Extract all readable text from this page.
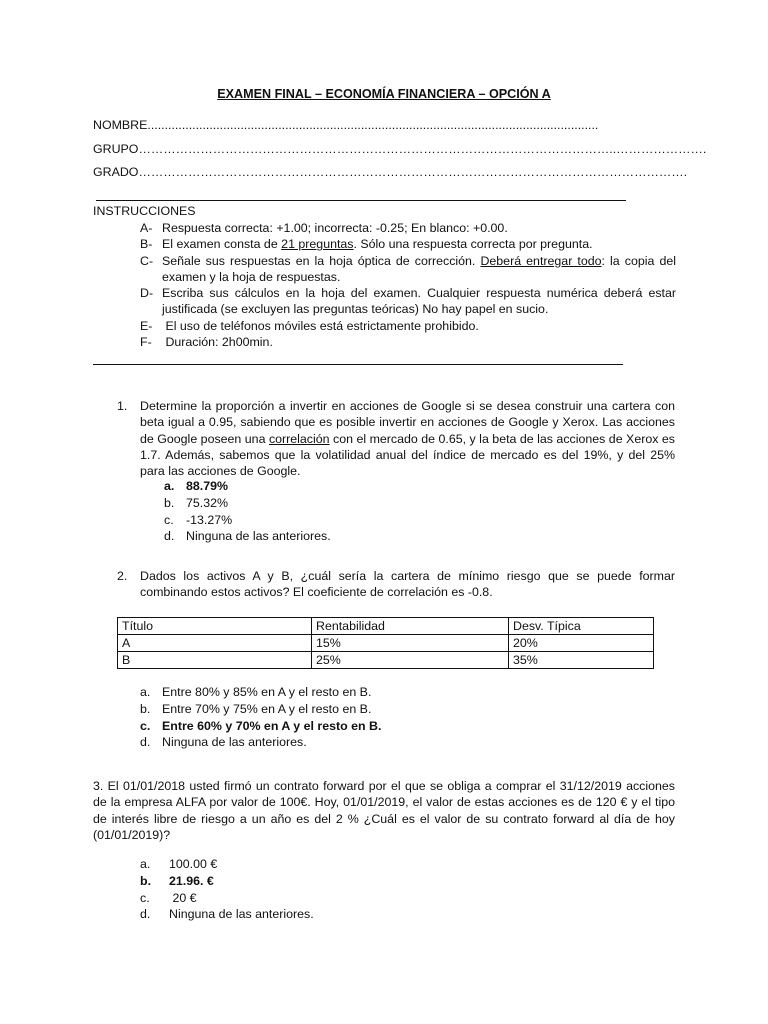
EXAMEN FINAL – ECONOMÍA FINANCIERA – OPCIÓN A
NOMBRE...................................................................................................................................
GRUPO……………………………………………………………………………………………………..………………….
GRADO…………………………………………………………………………………………………………………….
INSTRUCCIONES
A- Respuesta correcta: +1.00; incorrecta: -0.25; En blanco: +0.00.
B- El examen consta de 21 preguntas. Sólo una respuesta correcta por pregunta.
C- Señale sus respuestas en la hoja óptica de corrección. Deberá entregar todo: la copia del examen y la hoja de respuestas.
D- Escriba sus cálculos en la hoja del examen. Cualquier respuesta numérica deberá estar justificada (se excluyen las preguntas teóricas) No hay papel en sucio.
E- El uso de teléfonos móviles está estrictamente prohibido.
F- Duración: 2h00min.
1.	Determine la proporción a invertir en acciones de Google si se desea construir una cartera con beta igual a 0.95, sabiendo que es posible invertir en acciones de Google y Xerox. Las acciones de Google poseen una correlación con el mercado de 0.65, y la beta de las acciones de Xerox es 1.7. Además, sabemos que la volatilidad anual del índice de mercado es del 19%, y del 25% para las acciones de Google.
a. 88.79%
b. 75.32%
c. -13.27%
d. Ninguna de las anteriores.
2.	Dados los activos A y B, ¿cuál sería la cartera de mínimo riesgo que se puede formar combinando estos activos? El coeficiente de correlación es -0.8.
Título	Rentabilidad	Desv. Típica
A	15%	20%
B	25%	35%
a. Entre 80% y 85% en A y el resto en B.
b. Entre 70% y 75% en A y el resto en B.
c. Entre 60% y 70% en A y el resto en B.
d. Ninguna de las anteriores.
3. El 01/01/2018 usted firmó un contrato forward por el que se obliga a comprar el 31/12/2019 acciones de la empresa ALFA por valor de 100€. Hoy, 01/01/2019, el valor de estas acciones es de 120 € y el tipo de interés libre de riesgo a un año es del 2 % ¿Cuál es el valor de su contrato forward al día de hoy (01/01/2019)?
a.	100.00 €
b.	21.96. €
c.	20 €
d.	Ninguna de las anteriores.
